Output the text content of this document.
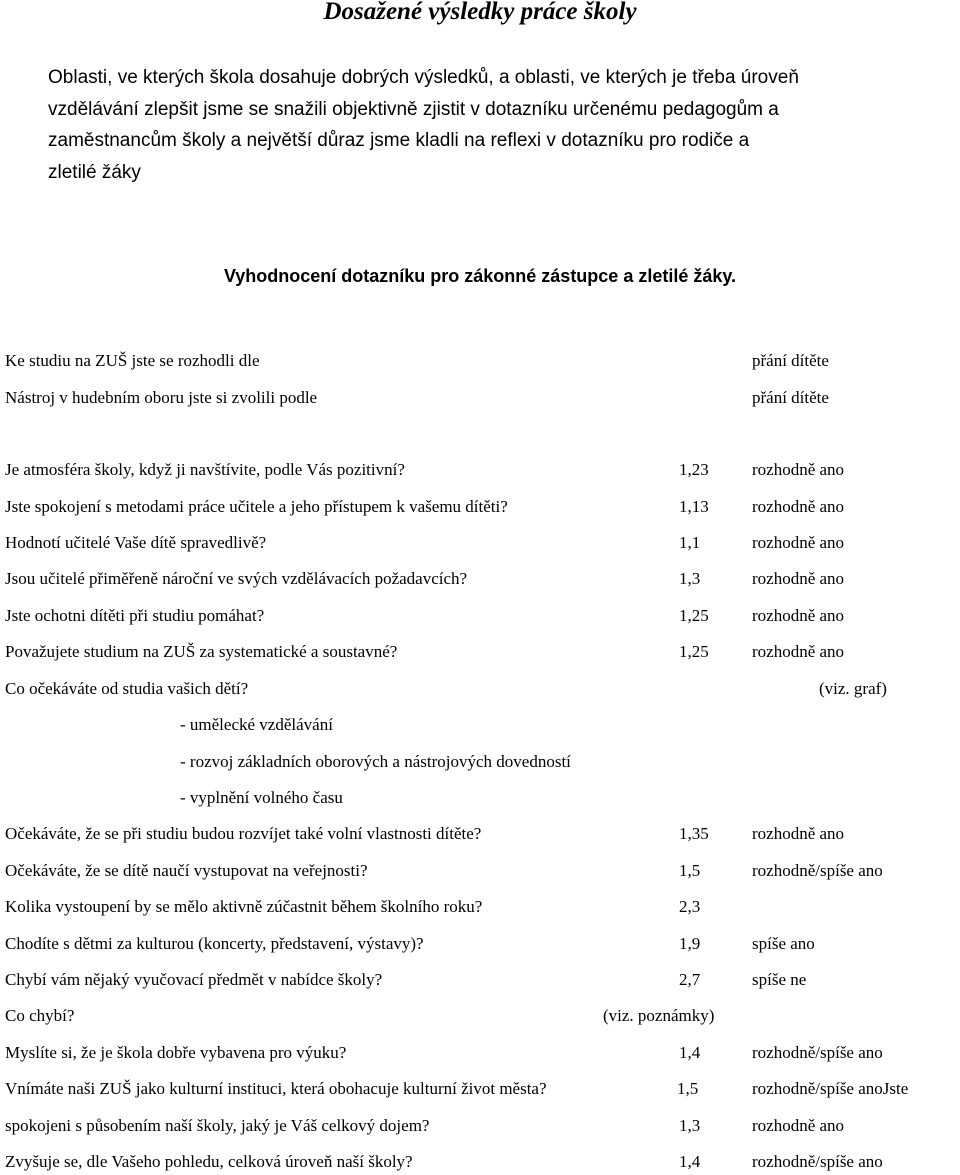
Dosažené výsledky práce školy
Oblasti, ve kterých škola dosahuje dobrých výsledků, a oblasti, ve kterých je třeba úroveň
vzdělávání zlepšit jsme se snažili objektivně zjistit v dotazníku určenému pedagogům a
zaměstnancům školy a největší důraz jsme kladli na reflexi v dotazníku pro rodiče a
zletilé žáky
Vyhodnocení dotazníku pro zákonné zástupce a zletilé žáky.
Ke studiu na ZUŠ jste se rozhodli dle	přání dítěte
Nástroj v hudebním oboru jste si zvolili podle	přání dítěte
Je atmosféra školy, když ji navštívite, podle Vás pozitivní?	1,23	rozhodně ano
Jste spokojení s metodami práce učitele a jeho přístupem k vašemu dítěti?	1,13	rozhodně ano
Hodnotí učitelé Vaše dítě spravedlivě?	1,1	rozhodně ano
Jsou učitelé přiměřeně nároční ve svých vzdělávacích požadavcích?	1,3	rozhodně ano
Jste ochotni dítěti při studiu pomáhat?	1,25	rozhodně ano
Považujete studium na ZUŠ za systematické a soustavné?	1,25	rozhodně ano
Co očekáváte od studia vašich dětí?	(viz. graf)
- umělecké vzdělávání
- rozvoj základních oborových a nástrojových dovedností
- vyplnění volného času
Očekáváte, že se při studiu budou rozvíjet také volní vlastnosti dítěte?	1,35	rozhodně ano
Očekáváte, že se dítě naučí vystupovat na veřejnosti?	1,5	rozhodně/spíše ano
Kolika vystoupení by se mělo aktivně zúčastnit během školního roku?	2,3
Chodíte s dětmi za kulturou (koncerty, představení, výstavy)?	1,9	spíše ano
Chybí vám nějaký vyučovací předmět v nabídce školy?	2,7	spíše ne
Co chybí?	(viz. poznámky)
Myslíte si, že je škola dobře vybavena pro výuku?	1,4	rozhodně/spíše ano
Vnímáte naši ZUŠ jako kulturní instituci, která obohacuje kulturní život města?	1,5	rozhodně/spíše anoJste
spokojeni s působením naší školy, jaký je Váš celkový dojem?	1,3	rozhodně ano
Zvyšuje se, dle Vašeho pohledu, celková úroveň naší školy?	1,4	rozhodně/spíše ano
